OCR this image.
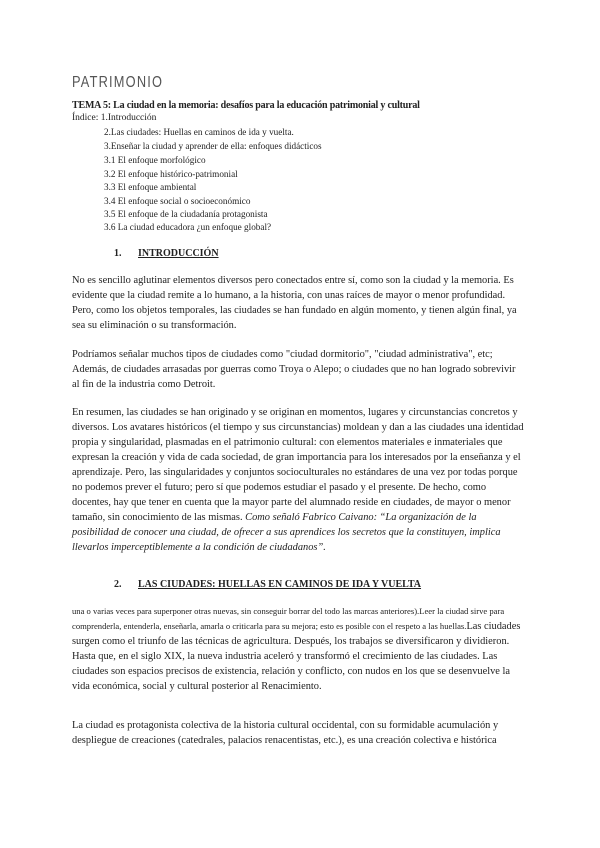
PATRIMONIO
TEMA 5: La ciudad en la memoria: desafíos para la educación patrimonial y cultural
Índice: 1.Introducción
2.Las ciudades: Huellas en caminos de ida y vuelta.
3.Enseñar la ciudad y aprender de ella: enfoques didácticos
3.1 El enfoque morfológico
3.2 El enfoque histórico-patrimonial
3.3 El enfoque ambiental
3.4 El enfoque social o socioeconómico
3.5 El enfoque de la ciudadanía protagonista
3.6 La ciudad educadora ¿un enfoque global?
1. INTRODUCCIÓN
No es sencillo aglutinar elementos diversos pero conectados entre sí, como son la ciudad y la memoria. Es evidente que la ciudad remite a lo humano, a la historia, con unas raíces de mayor o menor profundidad. Pero, como los objetos temporales, las ciudades se han fundado en algún momento, y tienen algún final, ya sea su eliminación o su transformación.
Podríamos señalar muchos tipos de ciudades como "ciudad dormitorio", "ciudad administrativa", etc; Además, de ciudades arrasadas por guerras como Troya o Alepo; o ciudades que no han logrado sobrevivir al fin de la industria como Detroit.
En resumen, las ciudades se han originado y se originan en momentos, lugares y circunstancias concretos y diversos. Los avatares históricos (el tiempo y sus circunstancias) moldean y dan a las ciudades una identidad propia y singularidad, plasmadas en el patrimonio cultural: con elementos materiales e inmateriales que expresan la creación y vida de cada sociedad, de gran importancia para los interesados por la enseñanza y el aprendizaje. Pero, las singularidades y conjuntos socioculturales no estándares de una vez por todas porque no podemos prever el futuro; pero sí que podemos estudiar el pasado y el presente. De hecho, como docentes, hay que tener en cuenta que la mayor parte del alumnado reside en ciudades, de mayor o menor tamaño, sin conocimiento de las mismas. Como señaló Fabrico Caivano: “La organización de la posibilidad de conocer una ciudad, de ofrecer a sus aprendices los secretos que la constituyen, implica llevarlos imperceptiblemente a la condición de ciudadanos”.
2. LAS CIUDADES: HUELLAS EN CAMINOS DE IDA Y VUELTA
una o varias veces para superponer otras nuevas, sin conseguir borrar del todo las marcas anteriores).Leer la ciudad sirve para comprenderla, entenderla, enseñarla, amarla o criticarla para su mejora; esto es posible con el respeto a las huellas.Las ciudades surgen como el triunfo de las técnicas de agricultura. Después, los trabajos se diversificaron y dividieron. Hasta que, en el siglo XIX, la nueva industria aceleró y transformó el crecimiento de las ciudades. Las ciudades son espacios precisos de existencia, relación y conflicto, con nudos en los que se desenvuelve la vida económica, social y cultural posterior al Renacimiento.
La ciudad es protagonista colectiva de la historia cultural occidental, con su formidable acumulación y despliegue de creaciones (catedrales, palacios renacentistas, etc.), es una creación colectiva e histórica
